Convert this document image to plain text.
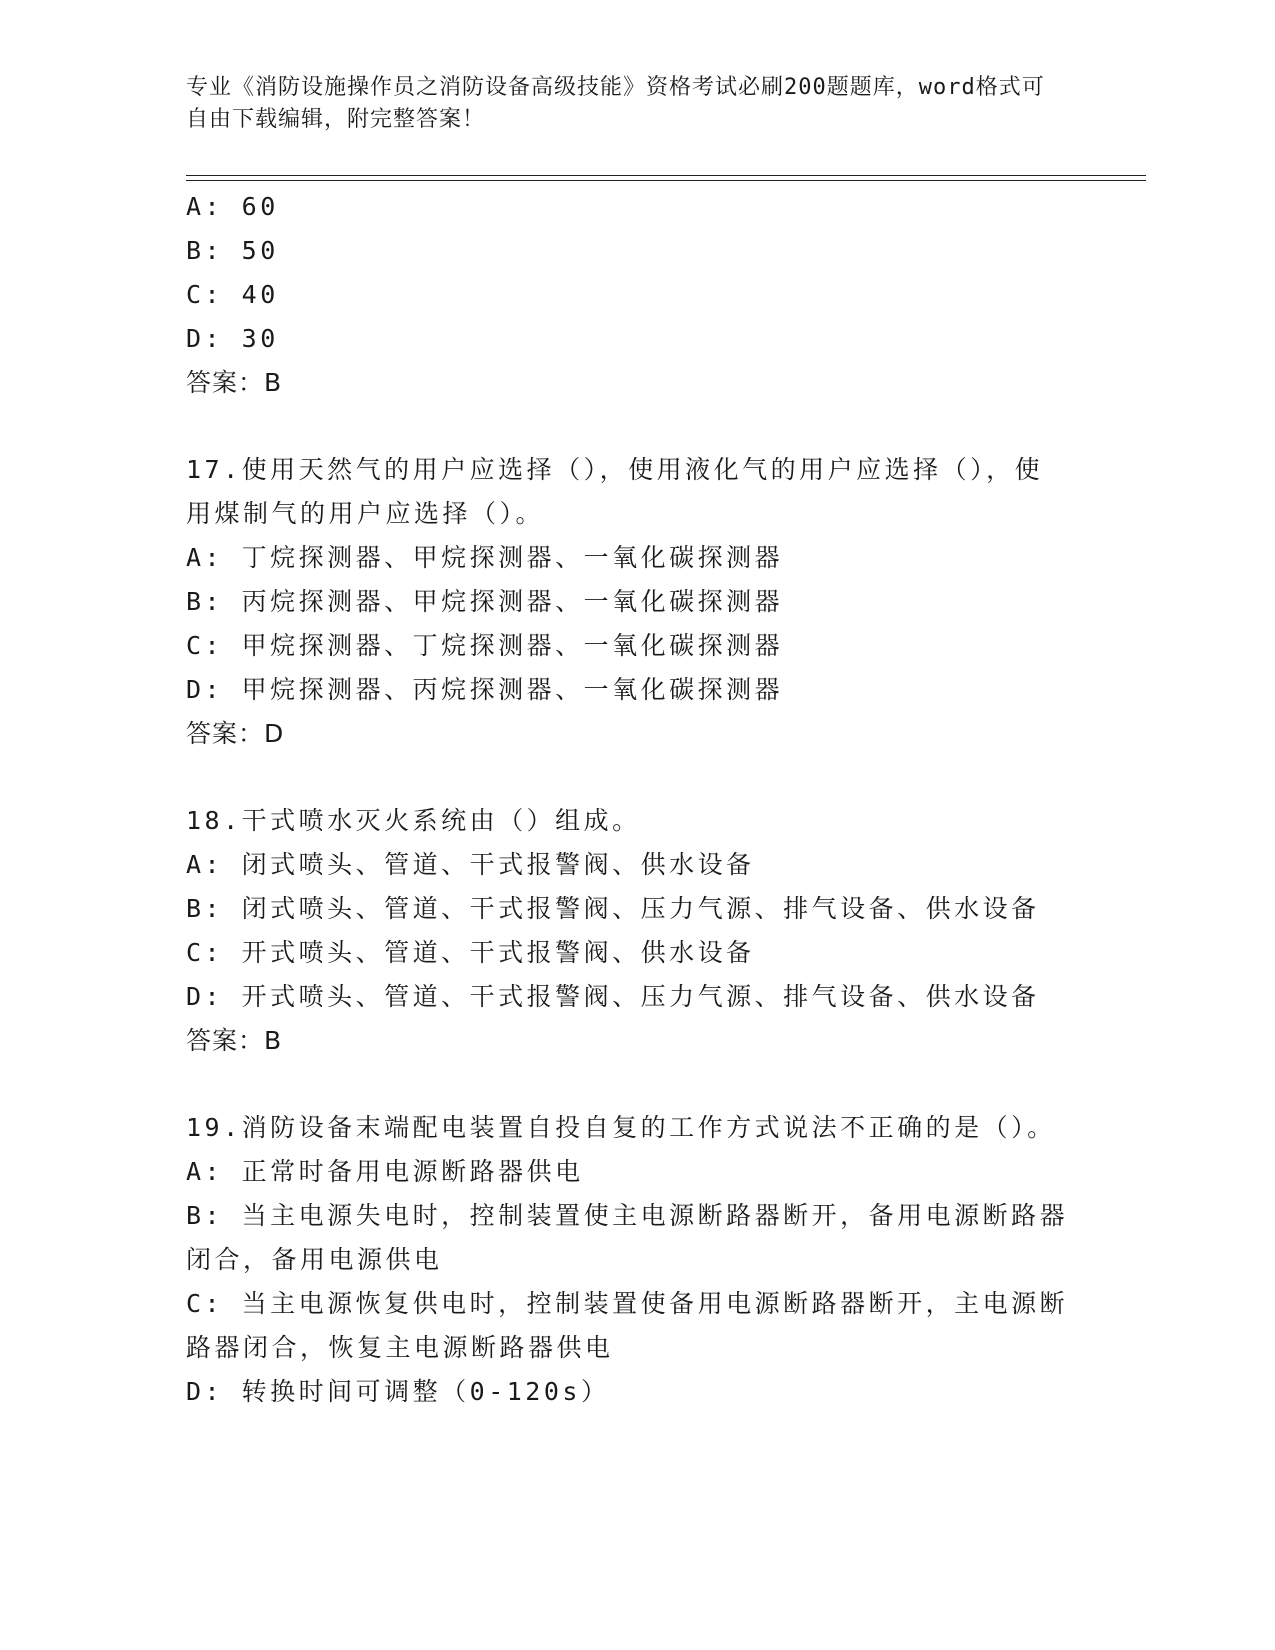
专业《消防设施操作员之消防设备高级技能》资格考试必刷200题题库，word格式可自由下载编辑，附完整答案！
A: 60
B: 50
C: 40
D: 30
答案：B
17.使用天然气的用户应选择（），使用液化气的用户应选择（），使
用煤制气的用户应选择（）。
A: 丁烷探测器、甲烷探测器、一氧化碳探测器
B: 丙烷探测器、甲烷探测器、一氧化碳探测器
C: 甲烷探测器、丁烷探测器、一氧化碳探测器
D: 甲烷探测器、丙烷探测器、一氧化碳探测器
答案：D
18.干式喷水灭火系统由（）组成。
A: 闭式喷头、管道、干式报警阀、供水设备
B: 闭式喷头、管道、干式报警阀、压力气源、排气设备、供水设备
C: 开式喷头、管道、干式报警阀、供水设备
D: 开式喷头、管道、干式报警阀、压力气源、排气设备、供水设备
答案：B
19.消防设备末端配电装置自投自复的工作方式说法不正确的是（）。
A: 正常时备用电源断路器供电
B: 当主电源失电时，控制装置使主电源断路器断开，备用电源断路器
闭合，备用电源供电
C: 当主电源恢复供电时，控制装置使备用电源断路器断开，主电源断
路器闭合，恢复主电源断路器供电
D: 转换时间可调整（0-120s）
